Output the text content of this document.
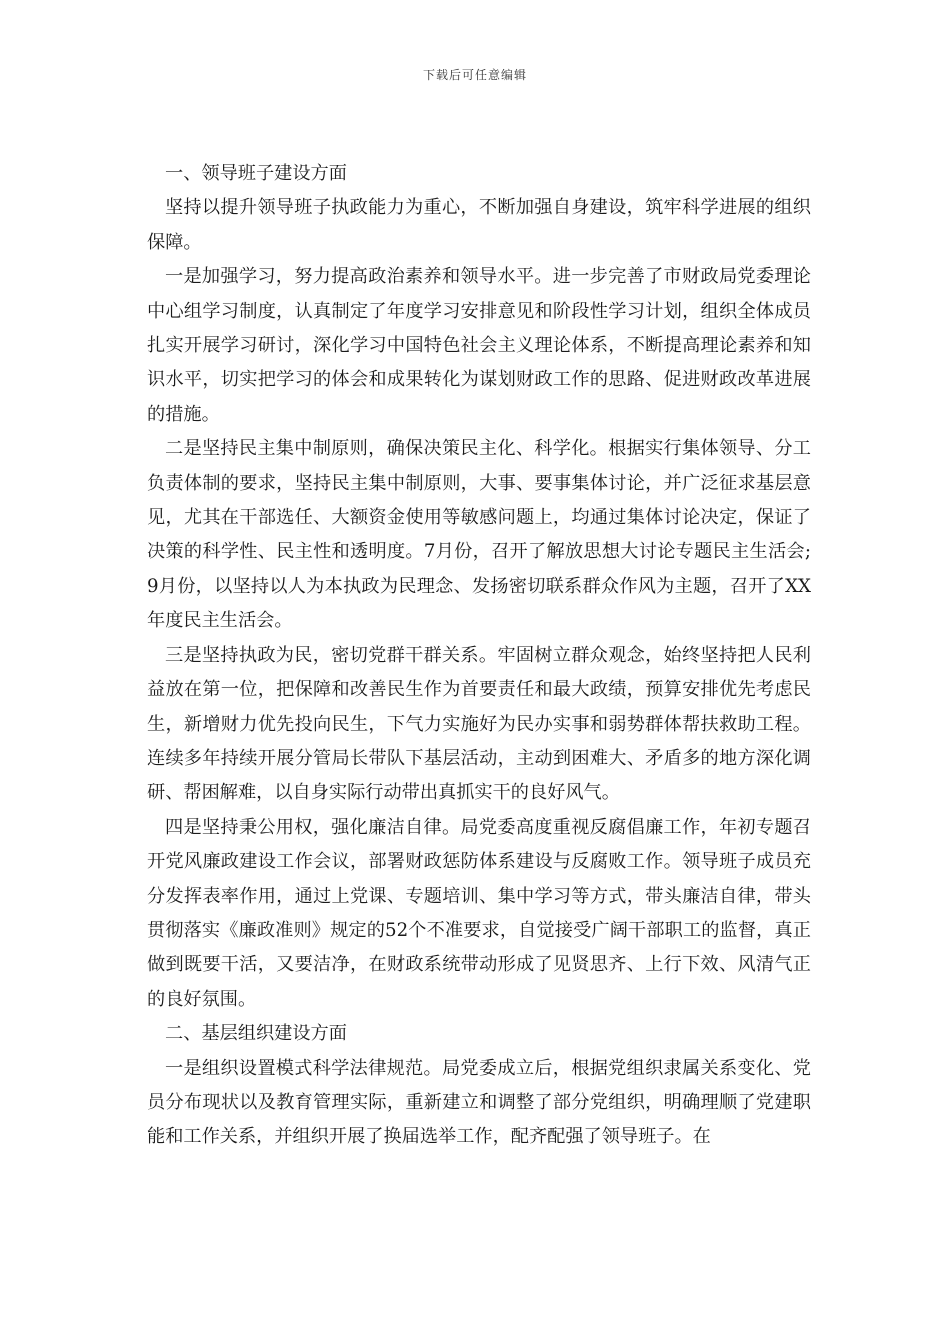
下载后可任意编辑

一、领导班子建设方面

坚持以提升领导班子执政能力为重心，不断加强自身建设，筑牢科学进展的组织保障。

一是加强学习，努力提高政治素养和领导水平。进一步完善了市财政局党委理论中心组学习制度，认真制定了年度学习安排意见和阶段性学习计划，组织全体成员扎实开展学习研讨，深化学习中国特色社会主义理论体系，不断提高理论素养和知识水平，切实把学习的体会和成果转化为谋划财政工作的思路、促进财政改革进展的措施。

二是坚持民主集中制原则，确保决策民主化、科学化。根据实行集体领导、分工负责体制的要求，坚持民主集中制原则，大事、要事集体讨论，并广泛征求基层意见，尤其在干部选任、大额资金使用等敏感问题上，均通过集体讨论决定，保证了决策的科学性、民主性和透明度。7月份，召开了解放思想大讨论专题民主生活会;9月份，以坚持以人为本执政为民理念、发扬密切联系群众作风为主题，召开了XX年度民主生活会。

三是坚持执政为民，密切党群干群关系。牢固树立群众观念，始终坚持把人民利益放在第一位，把保障和改善民生作为首要责任和最大政绩，预算安排优先考虑民生，新增财力优先投向民生，下气力实施好为民办实事和弱势群体帮扶救助工程。连续多年持续开展分管局长带队下基层活动，主动到困难大、矛盾多的地方深化调研、帮困解难，以自身实际行动带出真抓实干的良好风气。

四是坚持秉公用权，强化廉洁自律。局党委高度重视反腐倡廉工作，年初专题召开党风廉政建设工作会议，部署财政惩防体系建设与反腐败工作。领导班子成员充分发挥表率作用，通过上党课、专题培训、集中学习等方式，带头廉洁自律，带头贯彻落实《廉政准则》规定的52个不准要求，自觉接受广阔干部职工的监督，真正做到既要干活，又要洁净，在财政系统带动形成了见贤思齐、上行下效、风清气正的良好氛围。

二、基层组织建设方面

一是组织设置模式科学法律规范。局党委成立后，根据党组织隶属关系变化、党员分布现状以及教育管理实际，重新建立和调整了部分党组织，明确理顺了党建职能和工作关系，并组织开展了换届选举工作，配齐配强了领导班子。在
